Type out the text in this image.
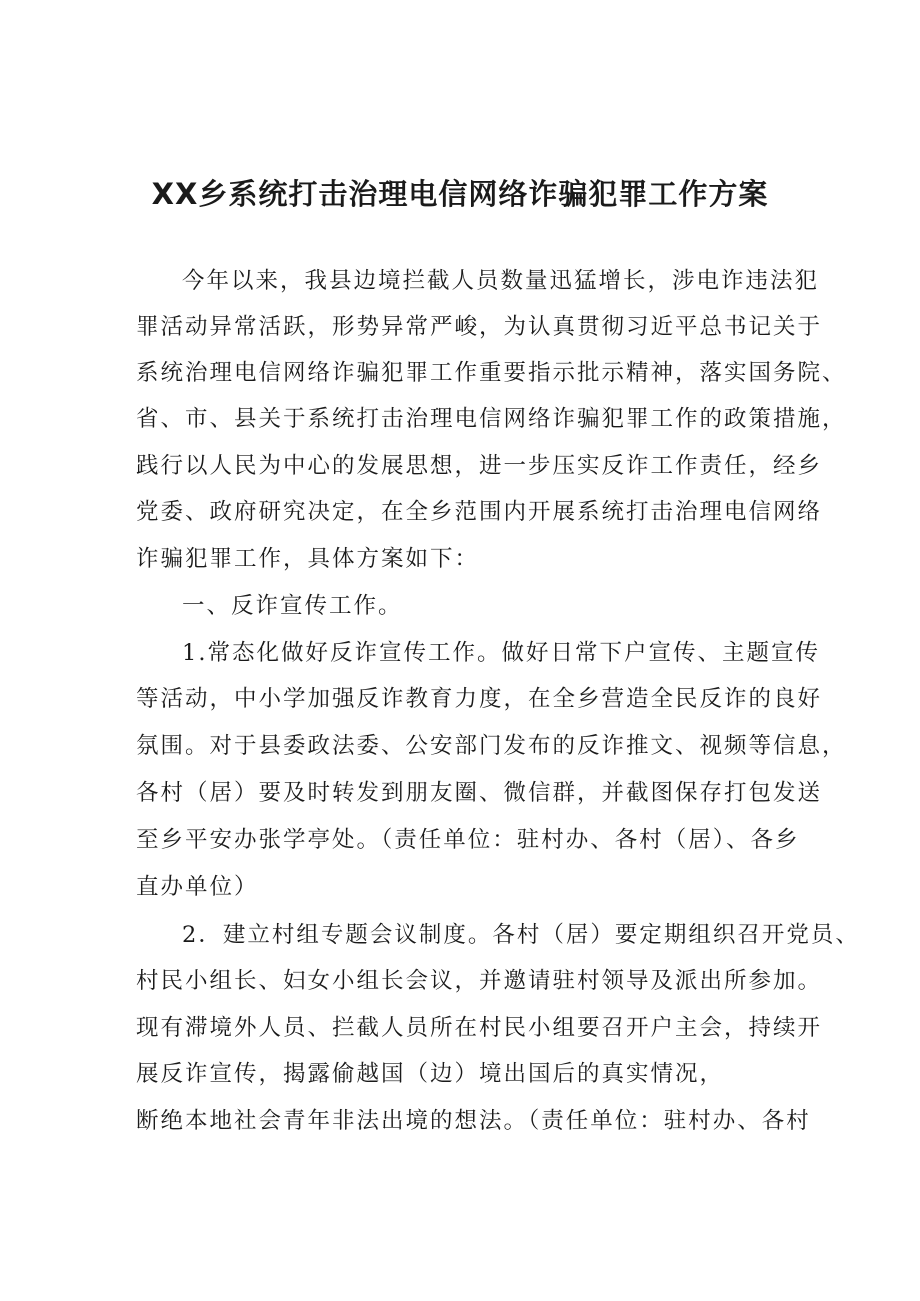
XX乡系统打击治理电信网络诈骗犯罪工作方案
今年以来，我县边境拦截人员数量迅猛增长，涉电诈违法犯
罪活动异常活跃，形势异常严峻，为认真贯彻习近平总书记关于
系统治理电信网络诈骗犯罪工作重要指示批示精神，落实国务院、
省、市、县关于系统打击治理电信网络诈骗犯罪工作的政策措施，
践行以人民为中心的发展思想，进一步压实反诈工作责任，经乡
党委、政府研究决定，在全乡范围内开展系统打击治理电信网络
诈骗犯罪工作，具体方案如下：
一、反诈宣传工作。
1.常态化做好反诈宣传工作。做好日常下户宣传、主题宣传
等活动，中小学加强反诈教育力度，在全乡营造全民反诈的良好
氛围。对于县委政法委、公安部门发布的反诈推文、视频等信息，
各村（居）要及时转发到朋友圈、微信群，并截图保存打包发送
至乡平安办张学亭处。（责任单位：驻村办、各村（居）、各乡
直办单位）
2．建立村组专题会议制度。各村（居）要定期组织召开党员、
村民小组长、妇女小组长会议，并邀请驻村领导及派出所参加。
现有滞境外人员、拦截人员所在村民小组要召开户主会，持续开
展反诈宣传，揭露偷越国（边）境出国后的真实情况，
断绝本地社会青年非法出境的想法。（责任单位：驻村办、各村
